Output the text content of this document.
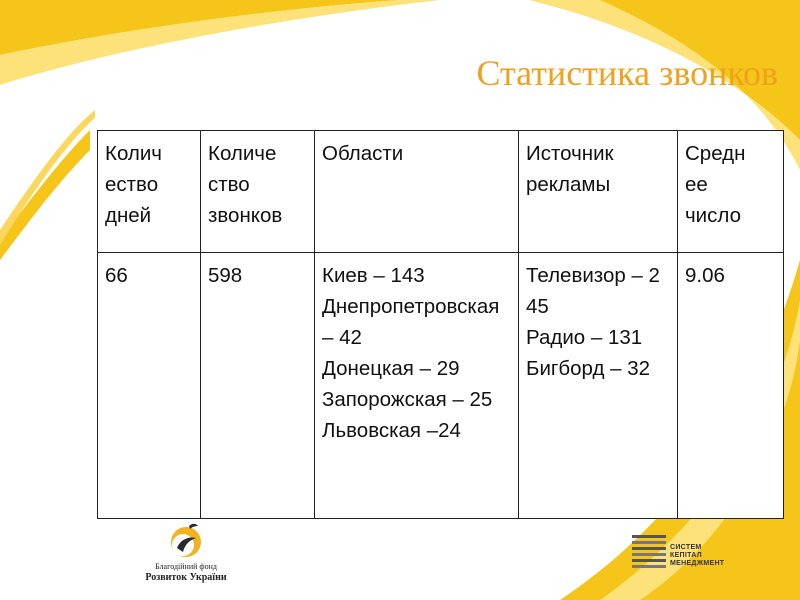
Статистика звонков
Колич
ество
дней	Количе
ство
звонков	Области	Источник
рекламы	Средн
ее
число

66	598	Киев – 143
Днепропетровская – 42
Донецкая – 29
Запорожская – 25
Львовская –24	Телевизор – 245
Радио – 131
Бигборд – 32	9.06
Благодійний фонд
Розвиток України
СИСТЕМ
КЕПІТАЛ
МЕНЕДЖМЕНТ
